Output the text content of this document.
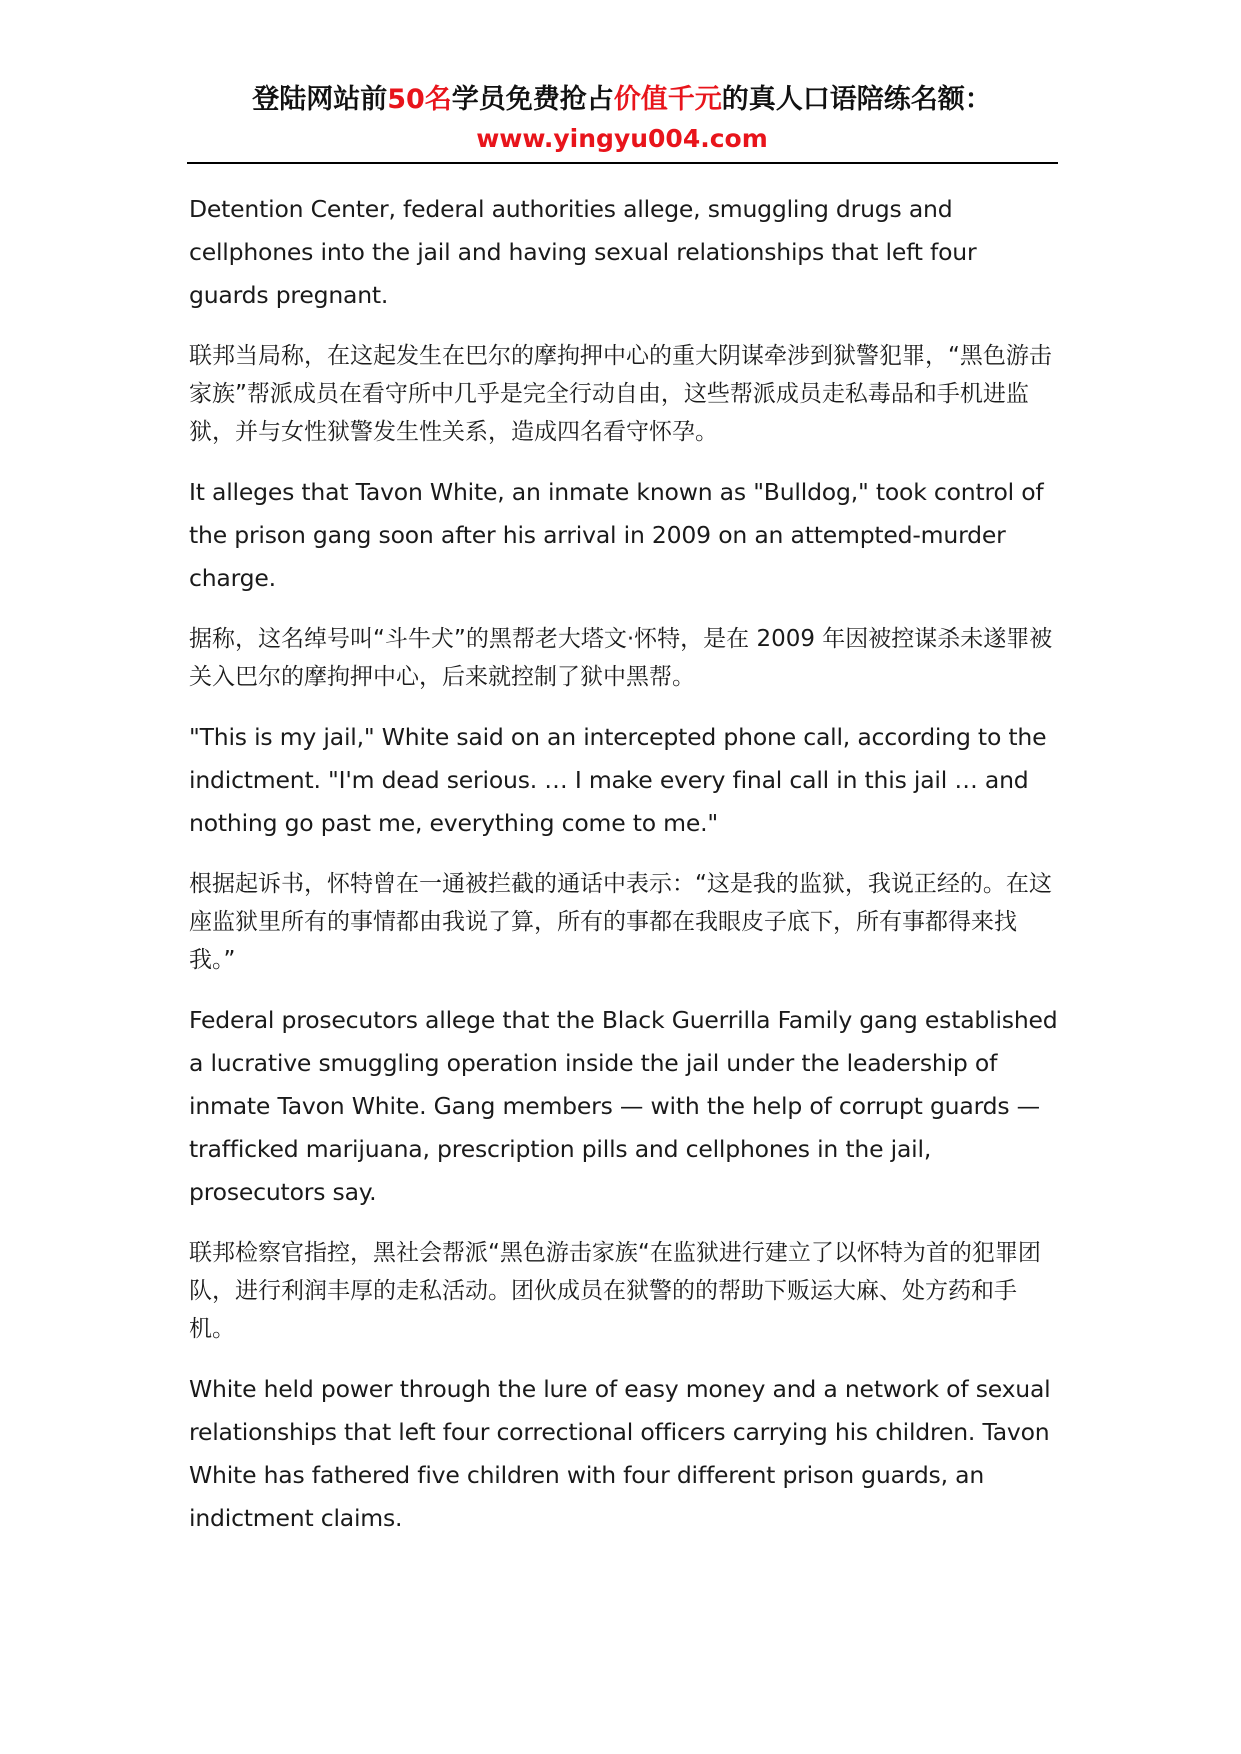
登陆网站前50名学员免费抢占价值千元的真人口语陪练名额：
www.yingyu004.com

Detention Center, federal authorities allege, smuggling drugs and cellphones into the jail and having sexual relationships that left four guards pregnant.

联邦当局称，在这起发生在巴尔的摩拘押中心的重大阴谋牵涉到狱警犯罪，“黑色游击家族”帮派成员在看守所中几乎是完全行动自由，这些帮派成员走私毒品和手机进监狱，并与女性狱警发生性关系，造成四名看守怀孕。

It alleges that Tavon White, an inmate known as "Bulldog," took control of the prison gang soon after his arrival in 2009 on an attempted-murder charge.

据称，这名绰号叫“斗牛犬”的黑帮老大塔文·怀特，是在 2009 年因被控谋杀未遂罪被关入巴尔的摩拘押中心，后来就控制了狱中黑帮。

"This is my jail," White said on an intercepted phone call, according to the indictment. "I'm dead serious. … I make every final call in this jail … and nothing go past me, everything come to me."

根据起诉书，怀特曾在一通被拦截的通话中表示：“这是我的监狱，我说正经的。在这座监狱里所有的事情都由我说了算，所有的事都在我眼皮子底下，所有事都得来找我。”

Federal prosecutors allege that the Black Guerrilla Family gang established a lucrative smuggling operation inside the jail under the leadership of inmate Tavon White. Gang members — with the help of corrupt guards — trafficked marijuana, prescription pills and cellphones in the jail, prosecutors say.

联邦检察官指控，黑社会帮派“黑色游击家族“在监狱进行建立了以怀特为首的犯罪团队，进行利润丰厚的走私活动。团伙成员在狱警的的帮助下贩运大麻、处方药和手机。

White held power through the lure of easy money and a network of sexual relationships that left four correctional officers carrying his children. Tavon White has fathered five children with four different prison guards, an indictment claims.
